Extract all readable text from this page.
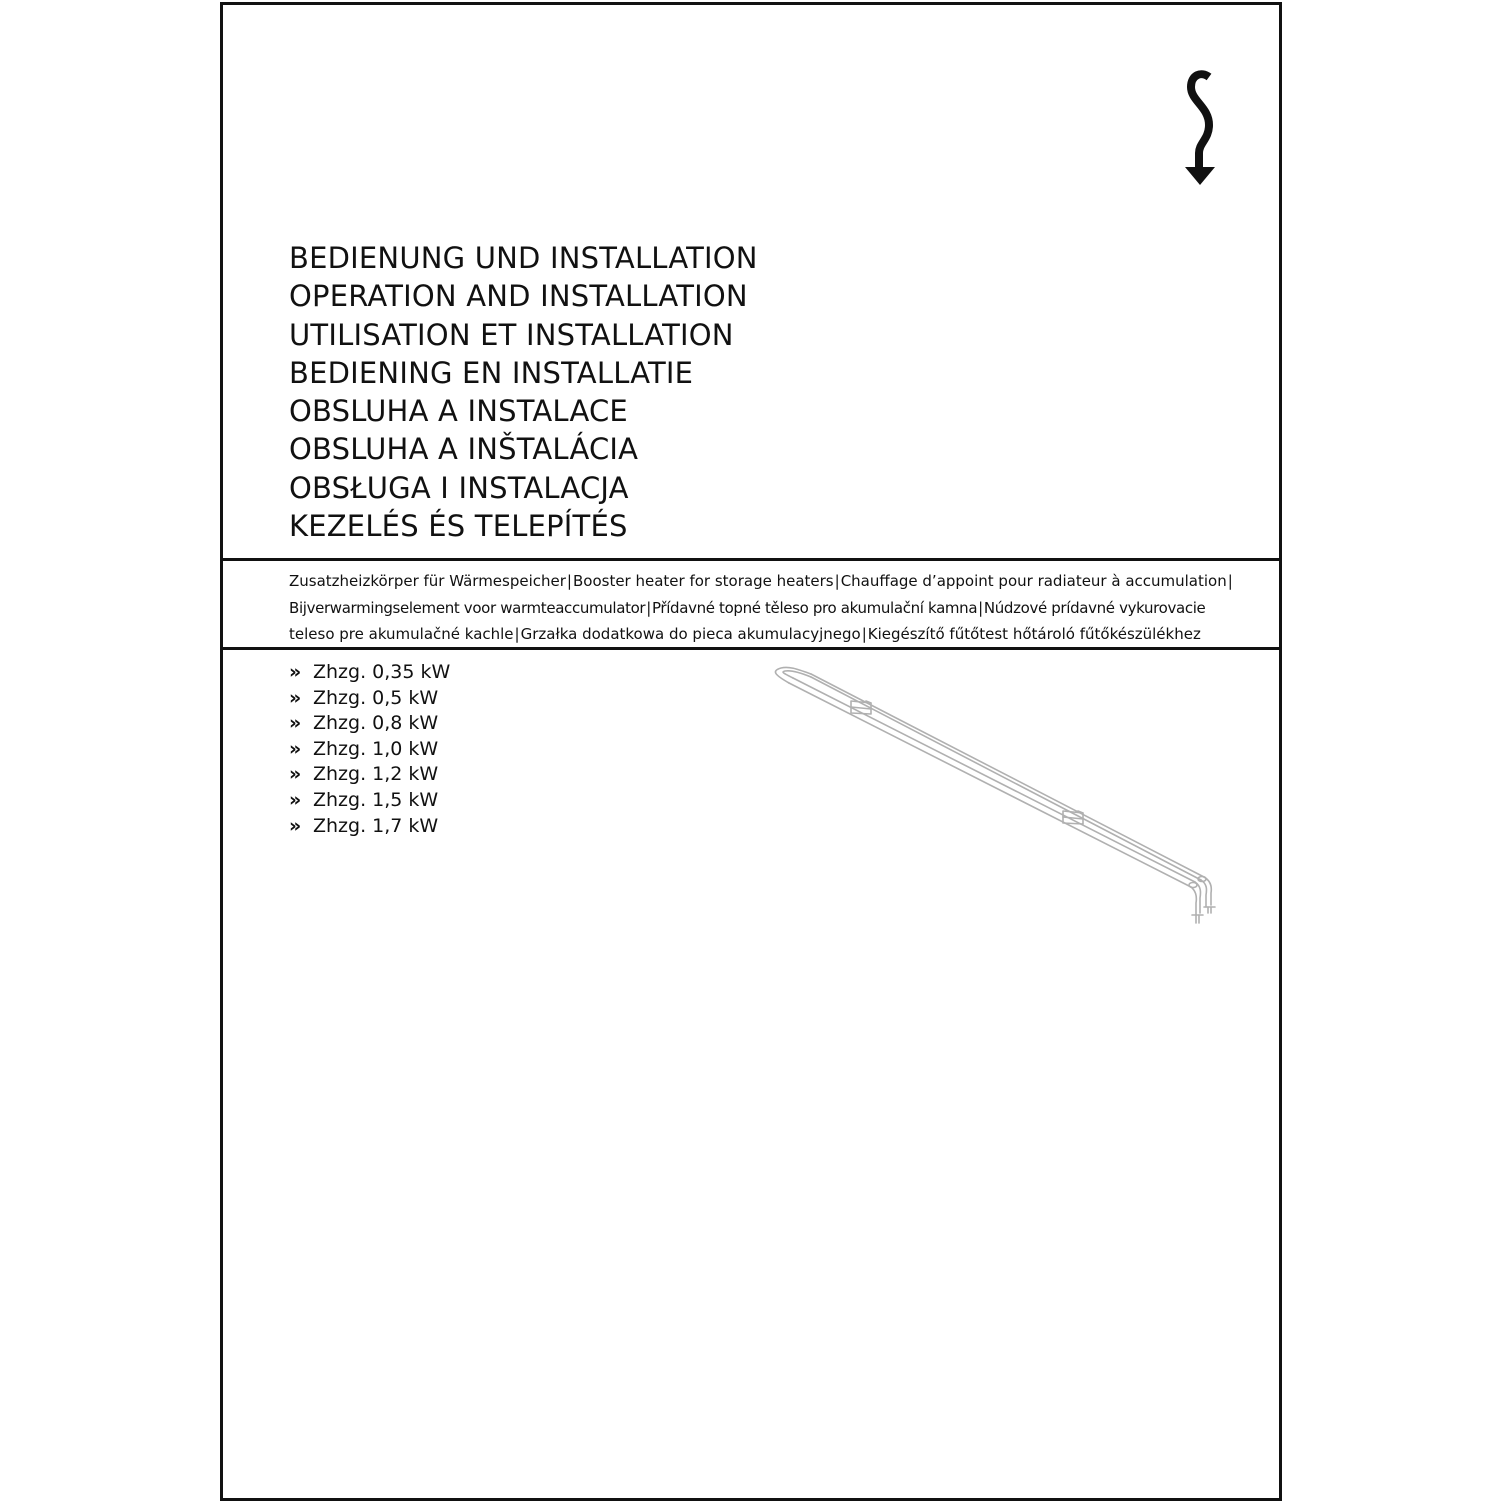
BEDIENUNG UND INSTALLATION
OPERATION AND INSTALLATION
UTILISATION ET INSTALLATION
BEDIENING EN INSTALLATIE
OBSLUHA A INSTALACE
OBSLUHA A INŠTALÁCIA
OBSŁUGA I INSTALACJA
KEZELÉS ÉS TELEPÍTÉS
Zusatzheizkörper für Wärmespeicher|Booster heater for storage heaters|Chauffage d’appoint pour radiateur à accumulation|
Bijverwarmingselement voor warmteaccumulator|Přídavné topné těleso pro akumulační kamna|Núdzové prídavné vykurovacie
teleso pre akumulačné kachle|Grzałka dodatkowa do pieca akumulacyjnego|Kiegészítő fűtőtest hőtároló fűtőkészülékhez
» Zhzg. 0,35 kW
» Zhzg. 0,5 kW
» Zhzg. 0,8 kW
» Zhzg. 1,0 kW
» Zhzg. 1,2 kW
» Zhzg. 1,5 kW
» Zhzg. 1,7 kW
